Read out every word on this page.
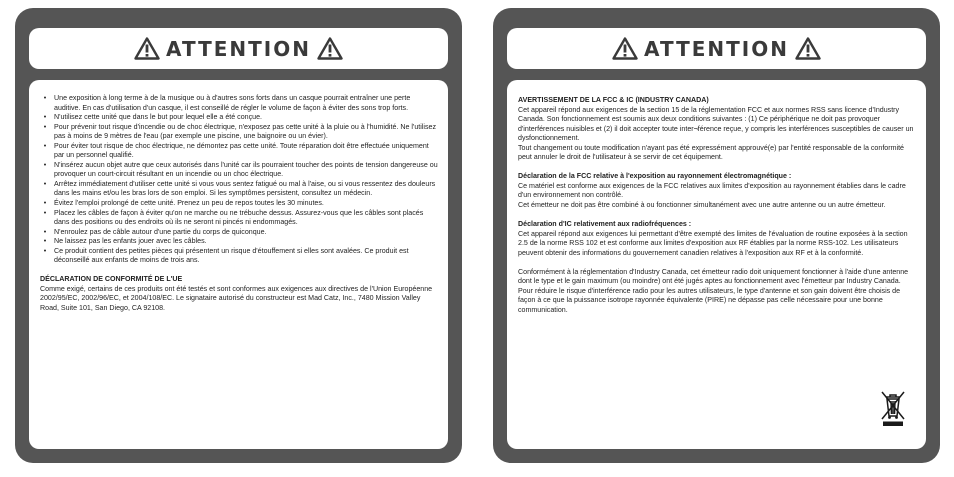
ATTENTION
• Une exposition à long terme à de la musique ou à d'autres sons forts dans un casque pourrait entraîner une perte auditive. En cas d'utilisation d'un casque, il est conseillé de régler le volume de façon à éviter des sons trop forts.
• N'utilisez cette unité que dans le but pour lequel elle a été conçue.
• Pour prévenir tout risque d'incendie ou de choc électrique, n'exposez pas cette unité à la pluie ou à l'humidité. Ne l'utilisez pas à moins de 9 mètres de l'eau (par exemple une piscine, une baignoire ou un évier).
• Pour éviter tout risque de choc électrique, ne démontez pas cette unité. Toute réparation doit être effectuée uniquement par un personnel qualifié.
• N'insérez aucun objet autre que ceux autorisés dans l'unité car ils pourraient toucher des points de tension dangereuse ou provoquer un court-circuit résultant en un incendie ou un choc électrique.
• Arrêtez immédiatement d'utiliser cette unité si vous vous sentez fatigué ou mal à l'aise, ou si vous ressentez des douleurs dans les mains et/ou les bras lors de son emploi. Si les symptômes persistent, consultez un médecin.
• Évitez l'emploi prolongé de cette unité. Prenez un peu de repos toutes les 30 minutes.
• Placez les câbles de façon à éviter qu'on ne marche ou ne trébuche dessus. Assurez-vous que les câbles sont placés dans des positions ou des endroits où ils ne seront ni pincés ni endommagés.
• N'enroulez pas de câble autour d'une partie du corps de quiconque.
• Ne laissez pas les enfants jouer avec les câbles.
• Ce produit contient des petites pièces qui présentent un risque d'étouffement si elles sont avalées. Ce produit est déconseillé aux enfants de moins de trois ans.

DÉCLARATION DE CONFORMITÉ DE L'UE

Comme exigé, certains de ces produits ont été testés et sont conformes aux exigences aux directives de l'Union Européenne 2002/95/EC, 2002/96/EC, et 2004/108/EC. Le signataire autorisé du constructeur est Mad Catz, Inc., 7480 Mission Valley Road, Suite 101, San Diego, CA 92108.

ATTENTION

AVERTISSEMENT DE LA FCC & IC (INDUSTRY CANADA)

Cet appareil répond aux exigences de la section 15 de la réglementation FCC et aux normes RSS sans licence d'Industry Canada. Son fonctionnement est soumis aux deux conditions suivantes : (1) Ce périphérique ne doit pas provoquer d'interférences nuisibles et (2) il doit accepter toute inter¬férence reçue, y compris les interférences susceptibles de causer un dysfonctionnement.

Tout changement ou toute modification n'ayant pas été expressément approuvé(e) par l'entité responsable de la conformité peut annuler le droit de l'utilisateur à se servir de cet équipement.

Déclaration de la FCC relative à l'exposition au rayonnement électromagnétique :

Ce matériel est conforme aux exigences de la FCC relatives aux limites d'exposition au rayonnement établies dans le cadre d'un environnement non contrôlé.

Cet émetteur ne doit pas être combiné à ou fonctionner simultanément avec une autre antenne ou un autre émetteur.

Déclaration d'IC relativement aux radiofréquences :

Cet appareil répond aux exigences lui permettant d'être exempté des limites de l'évaluation de routine exposées à la section 2.5 de la norme RSS 102 et est conforme aux limites d'exposition aux RF établies par la norme RSS-102. Les utilisateurs peuvent obtenir des informations du gouvernement canadien relatives à l'exposition aux RF et à la conformité.

Conformément à la réglementation d'Industry Canada, cet émetteur radio doit uniquement fonctionner à l'aide d'une antenne dont le type et le gain maximum (ou moindre) ont été jugés aptes au fonctionnement avec l'émetteur par Industry Canada. Pour réduire le risque d'interférence radio pour les autres utilisateurs, le type d'antenne et son gain doivent être choisis de façon à ce que la puissance isotrope rayonnée équivalente (PIRE) ne dépasse pas celle nécessaire pour une bonne communication.
